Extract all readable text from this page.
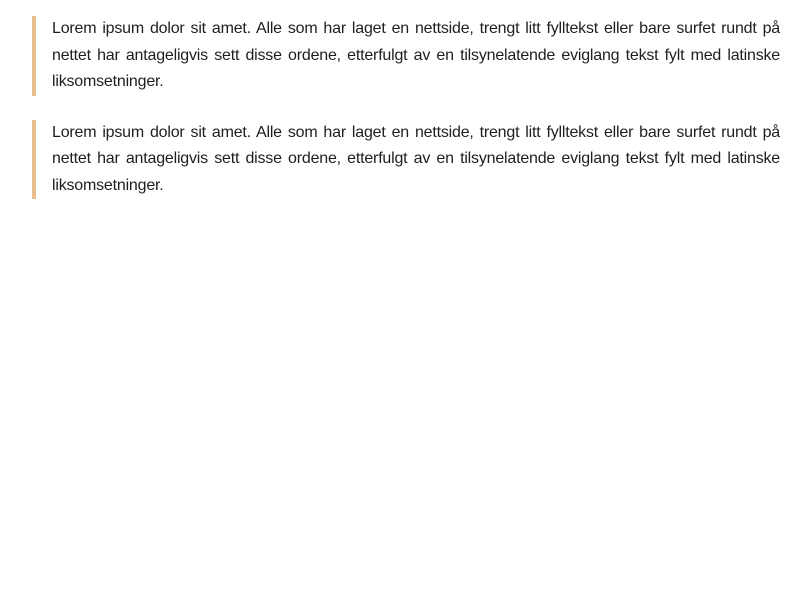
Lorem ipsum dolor sit amet. Alle som har laget en nettside, trengt litt fylltekst eller bare surfet rundt på nettet har antageligvis sett disse ordene, etterfulgt av en tilsynelatende eviglang tekst fylt med latinske liksomsetninger.

Lorem ipsum dolor sit amet. Alle som har laget en nettside, trengt litt fylltekst eller bare surfet rundt på nettet har antageligvis sett disse ordene, etterfulgt av en tilsynelatende eviglang tekst fylt med latinske liksomsetninger.
